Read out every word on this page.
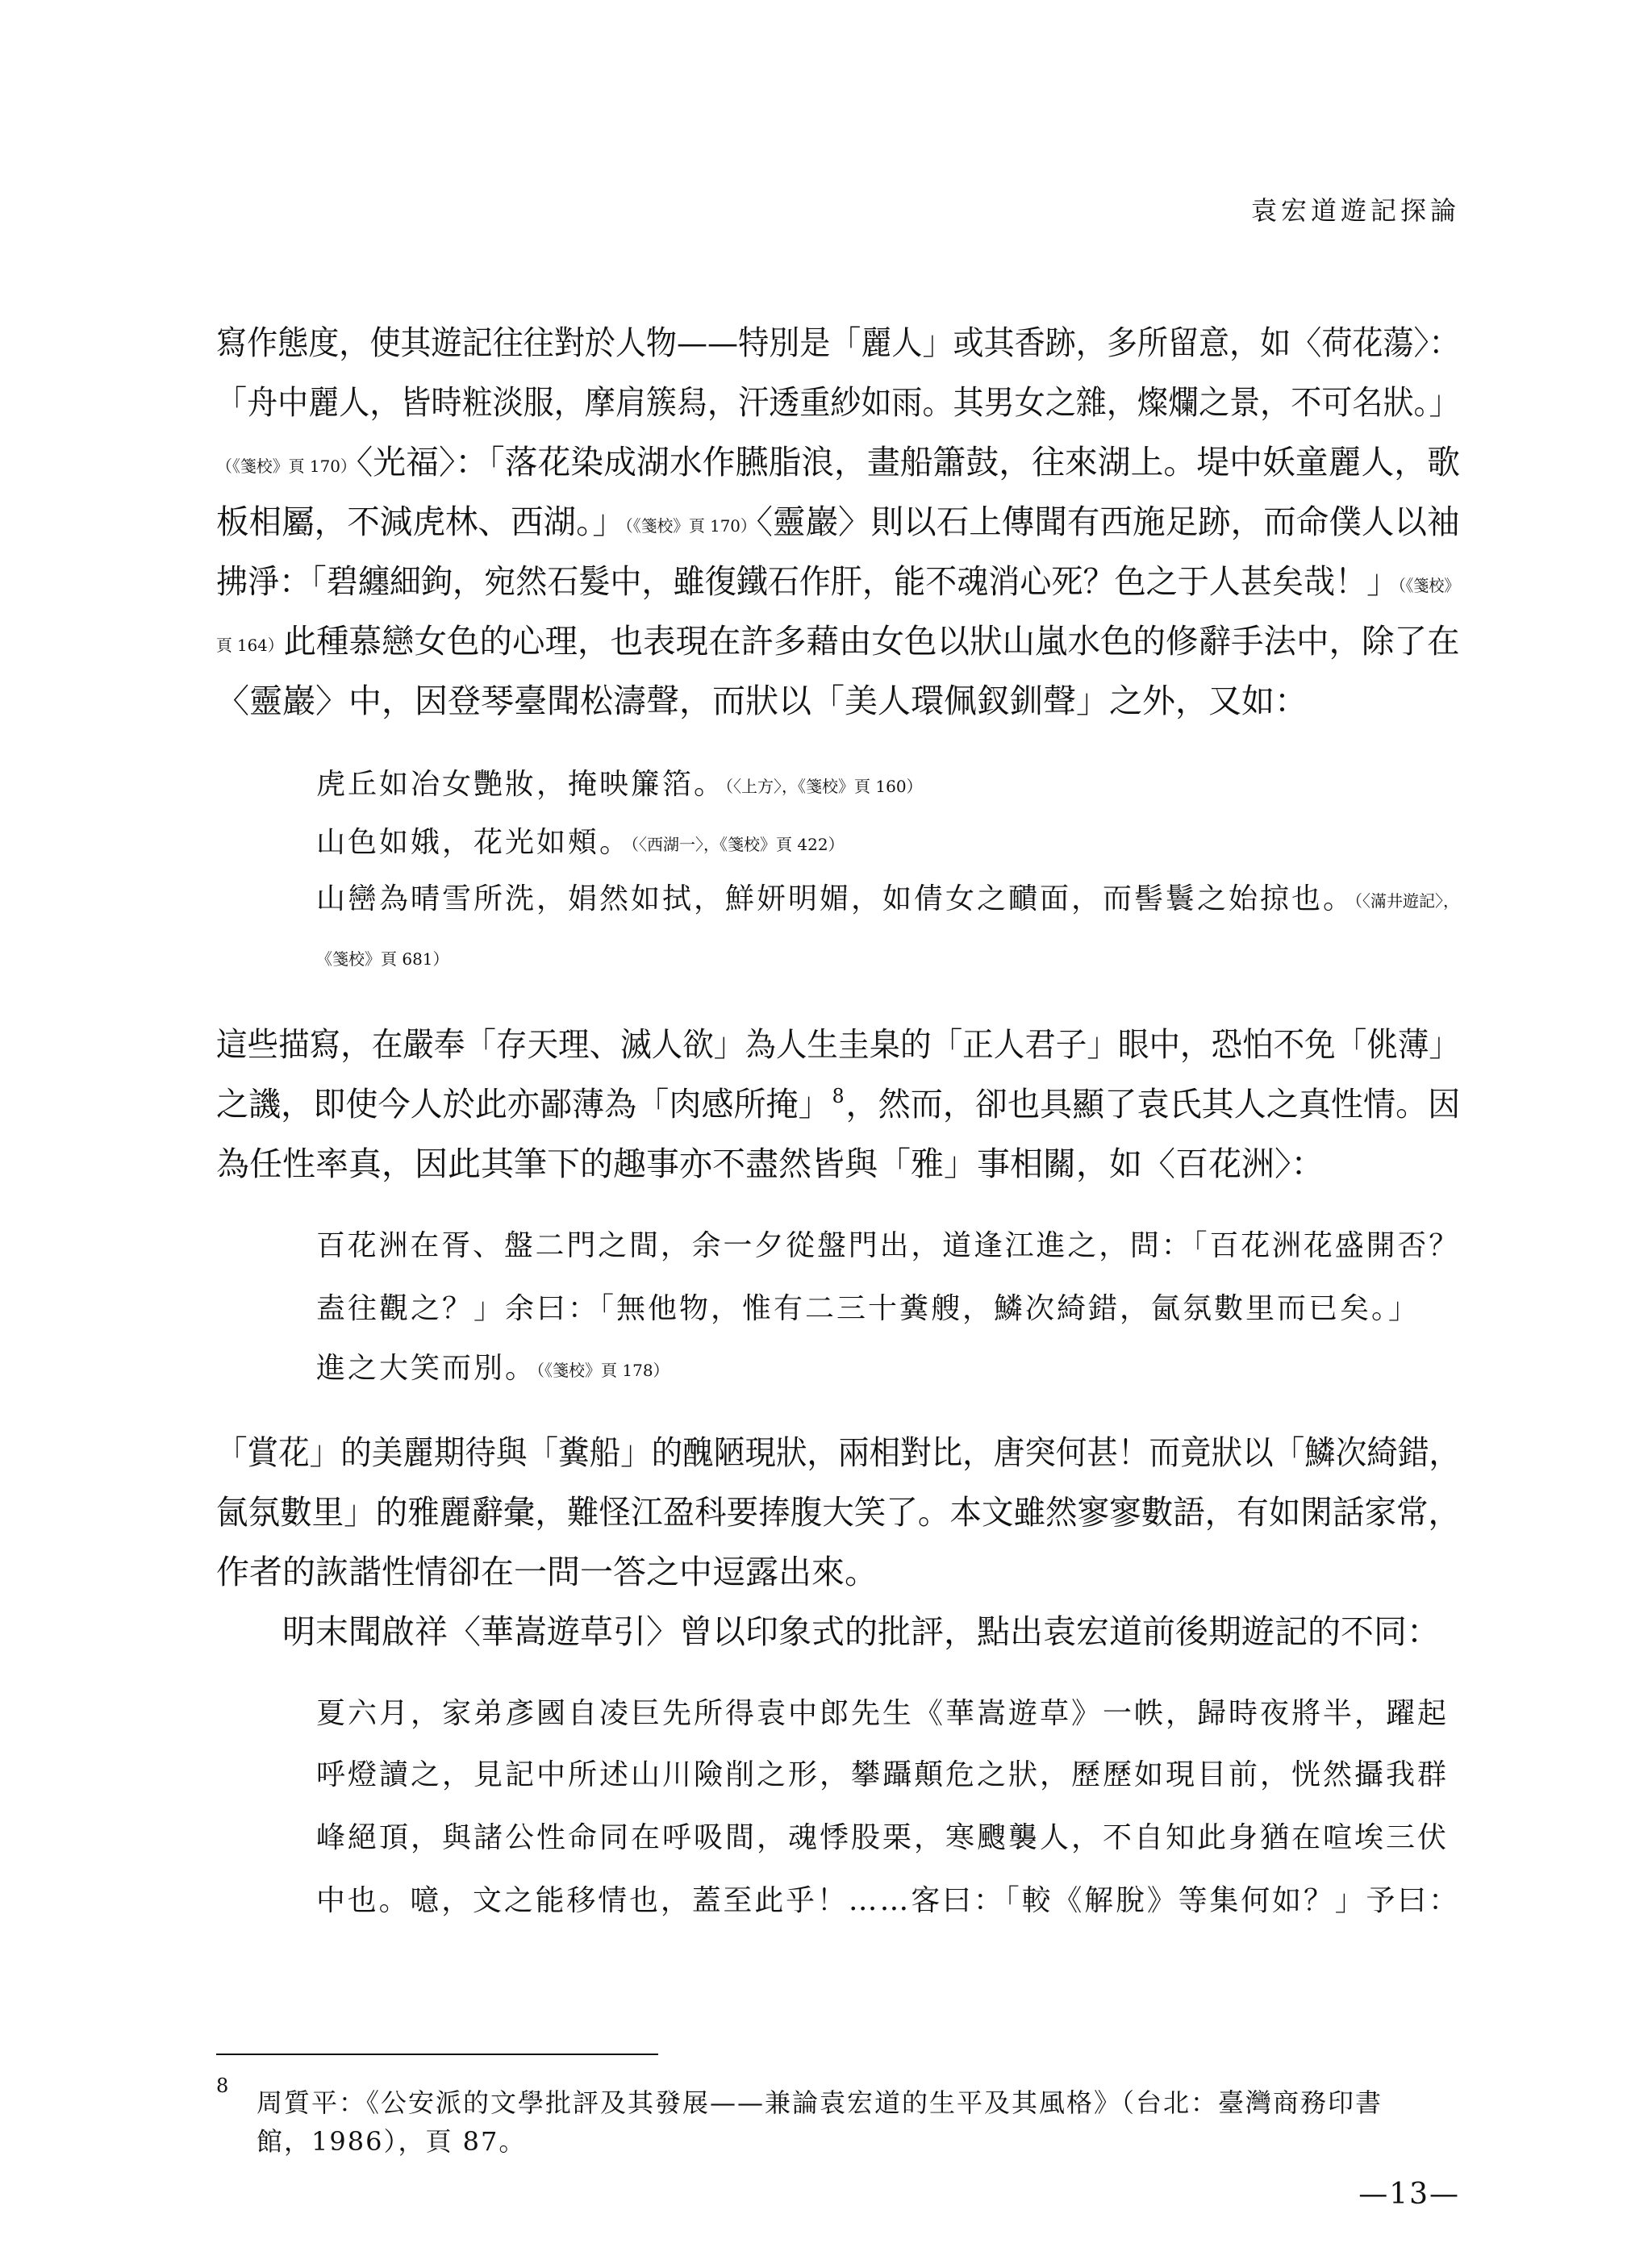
袁宏道遊記探論
寫作態度，使其遊記往往對於人物——特別是「麗人」或其香跡，多所留意，如〈荷花蕩〉：
「舟中麗人，皆時粧淡服，摩肩簇舄，汗透重紗如雨。其男女之雜，燦爛之景，不可名狀。」
（《箋校》頁 170）〈光福〉：「落花染成湖水作臙脂浪，畫船簫鼓，往來湖上。堤中妖童麗人，歌
板相屬，不減虎林、西湖。」（《箋校》頁 170）〈靈巖〉則以石上傳聞有西施足跡，而命僕人以袖
拂淨：「碧纏細鉤，宛然石髮中，雖復鐵石作肝，能不魂消心死？色之于人甚矣哉！」（《箋校》
頁 164）此種慕戀女色的心理，也表現在許多藉由女色以狀山嵐水色的修辭手法中，除了在
〈靈巖〉中，因登琴臺聞松濤聲，而狀以「美人環佩釵釧聲」之外，又如：
虎丘如冶女艷妝，掩映簾箔。（〈上方〉，《箋校》頁 160）
山色如娥，花光如頰。（〈西湖一〉，《箋校》頁 422）
山巒為晴雪所洗，娟然如拭，鮮妍明媚，如倩女之靧面，而髻鬟之始掠也。（〈滿井遊記〉，
《箋校》頁 681）
這些描寫，在嚴奉「存天理、滅人欲」為人生圭臬的「正人君子」眼中，恐怕不免「佻薄」
之譏，即使今人於此亦鄙薄為「肉感所掩」$^8$，然而，卻也具顯了袁氏其人之真性情。因
為任性率真，因此其筆下的趣事亦不盡然皆與「雅」事相關，如〈百花洲〉：
百花洲在胥、盤二門之間，余一夕從盤門出，道逢江進之，問：「百花洲花盛開否？
盍往觀之？」余曰：「無他物，惟有二三十糞艘，鱗次綺錯，氤氛數里而已矣。」
進之大笑而別。（《箋校》頁 178）
「賞花」的美麗期待與「糞船」的醜陋現狀，兩相對比，唐突何甚！而竟狀以「鱗次綺錯，
氤氛數里」的雅麗辭彙，難怪江盈科要捧腹大笑了。本文雖然寥寥數語，有如閑話家常，
作者的詼諧性情卻在一問一答之中逗露出來。
明末聞啟祥〈華嵩遊草引〉曾以印象式的批評，點出袁宏道前後期遊記的不同：
夏六月，家弟彥國自凌巨先所得袁中郎先生《華嵩遊草》一帙，歸時夜將半，躍起
呼燈讀之，見記中所述山川險削之形，攀躡顛危之狀，歷歷如現目前，恍然攝我群
峰絕頂，與諸公性命同在呼吸間，魂悸股栗，寒颼襲人，不自知此身猶在喧埃三伏
中也。噫，文之能移情也，蓋至此乎！……客曰：「較《解脫》等集何如？」予曰：
8
周質平：《公安派的文學批評及其發展——兼論袁宏道的生平及其風格》（台北：臺灣商務印書
館，1986），頁 87。
—13—
